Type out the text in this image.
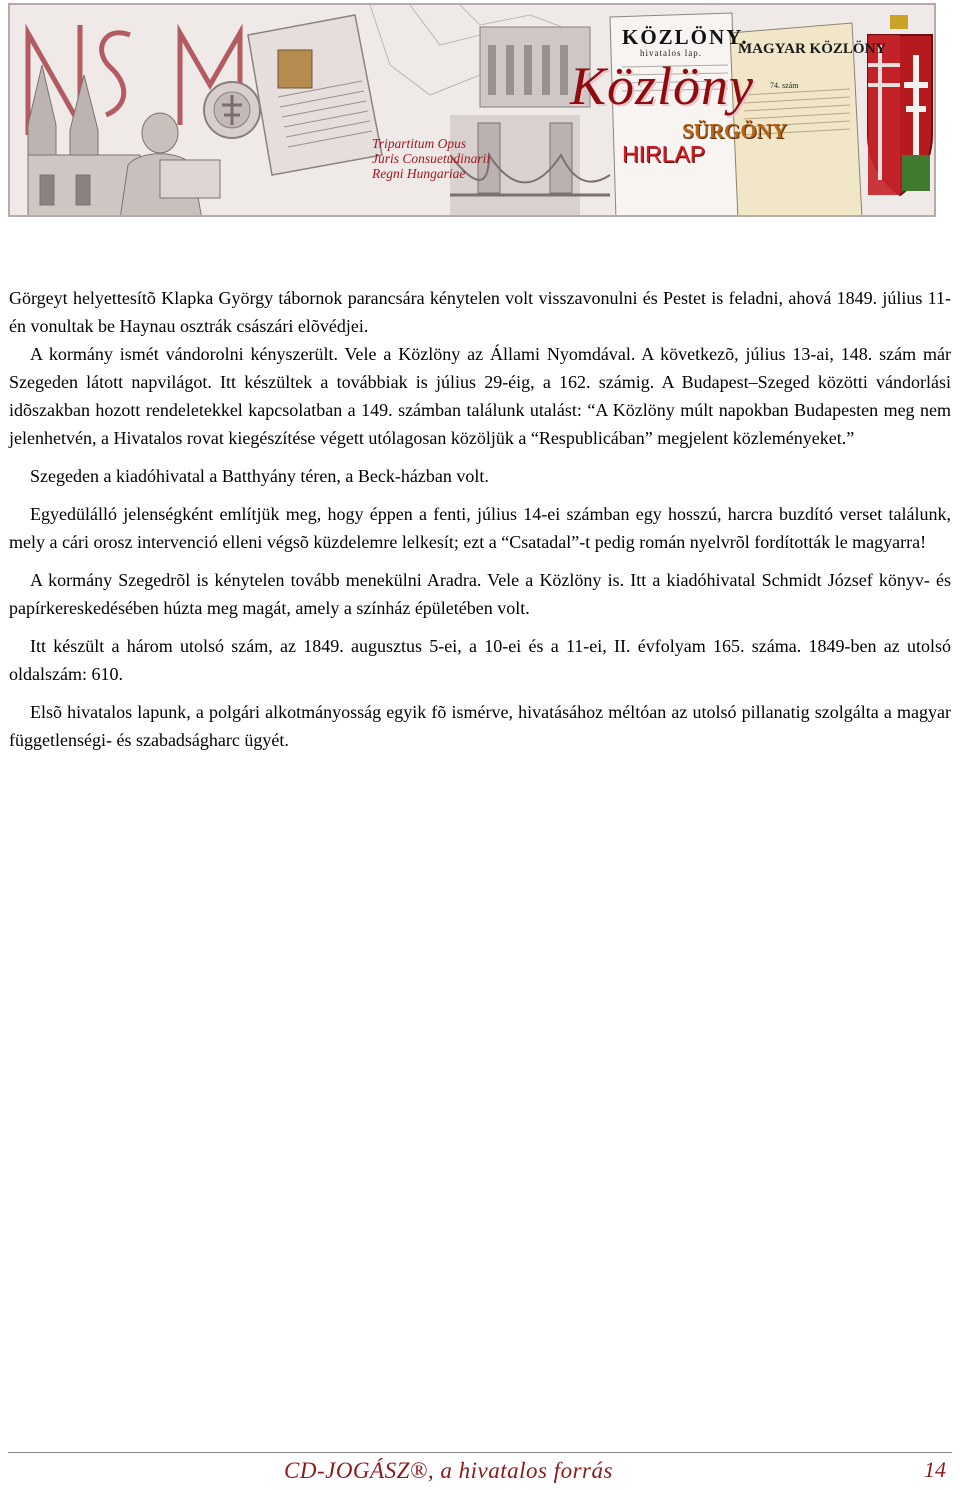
KÖZLÖNY.
hivatalos lap. MAGYAR KÖZLÖNY
74. szám
Közlöny
SÜRGÖNY
HIRLAP
Tripartitum Opus
Juris Consuetudinarii
Regni Hungariae

Görgeyt helyettesítõ Klapka György tábornok parancsára kénytelen volt visszavonulni és Pestet is feladni, ahová 1849. július 11-én vonultak be Haynau osztrák császári elõvédjei.

A kormány ismét vándorolni kényszerült. Vele a Közlöny az Állami Nyomdával. A következõ, július 13-ai, 148. szám már Szegeden látott napvilágot. Itt készültek a továbbiak is július 29-éig, a 162. számig. A Budapest–Szeged közötti vándorlási idõszakban hozott rendeletekkel kapcsolatban a 149. számban találunk utalást: “A Közlöny múlt napokban Budapesten meg nem jelenhetvén, a Hivatalos rovat kiegészítése végett utólagosan közöljük a “Respublicában” megjelent közleményeket.”

Szegeden a kiadóhivatal a Batthyány téren, a Beck-házban volt.

Egyedülálló jelenségként említjük meg, hogy éppen a fenti, július 14-ei számban egy hosszú, harcra buzdító verset találunk, mely a cári orosz intervenció elleni végsõ küzdelemre lelkesít; ezt a “Csatadal”-t pedig román nyelvrõl fordították le magyarra!

A kormány Szegedrõl is kénytelen tovább menekülni Aradra. Vele a Közlöny is. Itt a kiadóhivatal Schmidt József könyv- és papírkereskedésében húzta meg magát, amely a színház épületében volt.

Itt készült a három utolsó szám, az 1849. augusztus 5-ei, a 10-ei és a 11-ei, II. évfolyam 165. száma. 1849-ben az utolsó oldalszám: 610.

Elsõ hivatalos lapunk, a polgári alkotmányosság egyik fõ ismérve, hivatásához méltóan az utolsó pillanatig szolgálta a magyar függetlenségi- és szabadságharc ügyét.

CD-JOGÁSZ®, a hivatalos forrás	14
